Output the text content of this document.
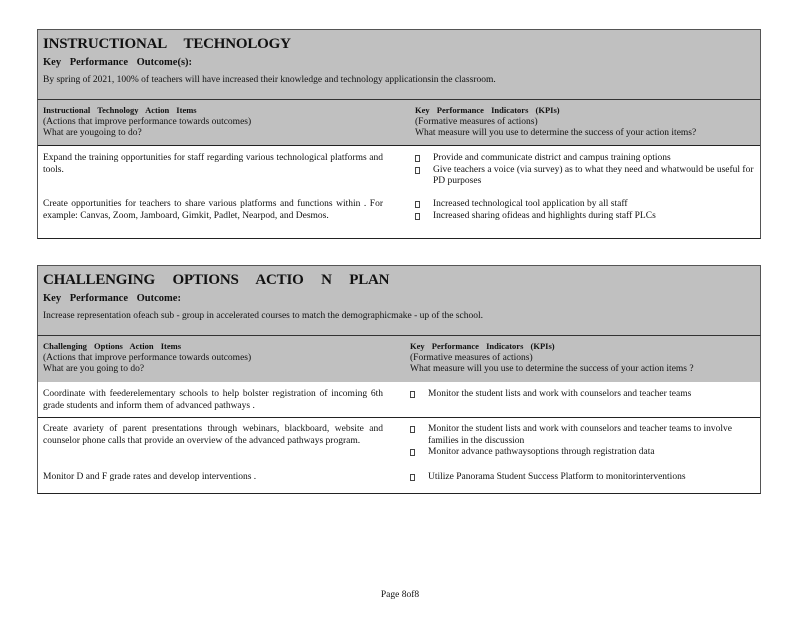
INSTRUCTIONAL TECHNOLOGY
Key Performance Outcome(s):
By spring of 2021, 100% of teachers will have increased their knowledge and technology applicationsin the classroom.
Instructional Technology Action Items
(Actions that improve performance towards outcomes)
What are yougoing to do?
Key Performance Indicators (KPIs)
(Formative measures of actions)
What measure will you use to determine the success of your action items?
Expand the training opportunities for staff regarding various technological platforms and tools.
Provide and communicate district and campus training options
Give teachers a voice (via survey) as to what they need and whatwould be useful for PD purposes
Create opportunities for teachers to share various platforms and functions within . For example: Canvas, Zoom, Jamboard, Gimkit, Padlet, Nearpod, and Desmos.
Increased technological tool application by all staff
Increased sharing ofideas and highlights during staff PLCs
CHALLENGING OPTIONS ACTIO N PLAN
Key Performance Outcome:
Increase representation ofeach sub - group in accelerated courses to match the demographicmake - up of the school.
Challenging Options Action Items
(Actions that improve performance towards outcomes)
What are you going to do?
Key Performance Indicators (KPIs)
(Formative measures of actions)
What measure will you use to determine the success of your action items ?
Coordinate with feederelementary schools to help bolster registration of incoming 6th grade students and inform them of advanced pathways .
Monitor the student lists and work with counselors and teacher teams
Create avariety of parent presentations through webinars, blackboard, website and counselor phone calls that provide an overview of the advanced pathways program.
Monitor the student lists and work with counselors and teacher teams to involve families in the discussion
Monitor advance pathwaysoptions through registration data
Monitor D and F grade rates and develop interventions .	Utilize Panorama Student Success Platform to monitorinterventions
Page 8of8
